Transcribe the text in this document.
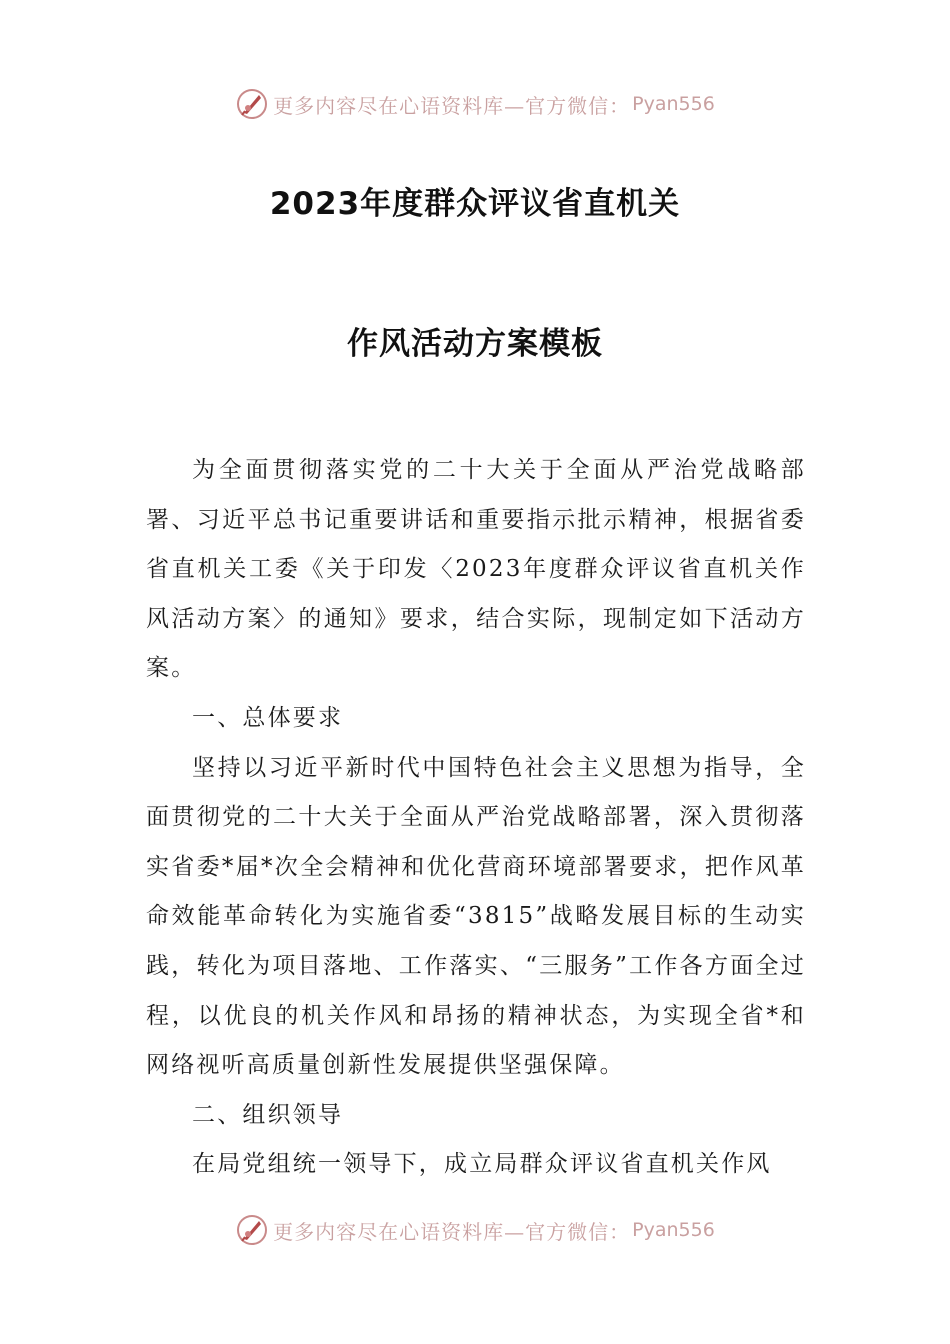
更多内容尽在心语资料库—官方微信： Pyan556
2023年度群众评议省直机关
作风活动方案模板

为全面贯彻落实党的二十大关于全面从严治党战略部署、习近平总书记重要讲话和重要指示批示精神，根据省委省直机关工委《关于印发〈2023年度群众评议省直机关作风活动方案〉的通知》要求，结合实际，现制定如下活动方案。

一、总体要求

坚持以习近平新时代中国特色社会主义思想为指导，全面贯彻党的二十大关于全面从严治党战略部署，深入贯彻落实省委*届*次全会精神和优化营商环境部署要求，把作风革命效能革命转化为实施省委“3815”战略发展目标的生动实践，转化为项目落地、工作落实、“三服务”工作各方面全过程，以优良的机关作风和昂扬的精神状态，为实现全省*和网络视听高质量创新性发展提供坚强保障。

二、组织领导

在局党组统一领导下，成立局群众评议省直机关作风

更多内容尽在心语资料库—官方微信： Pyan556
